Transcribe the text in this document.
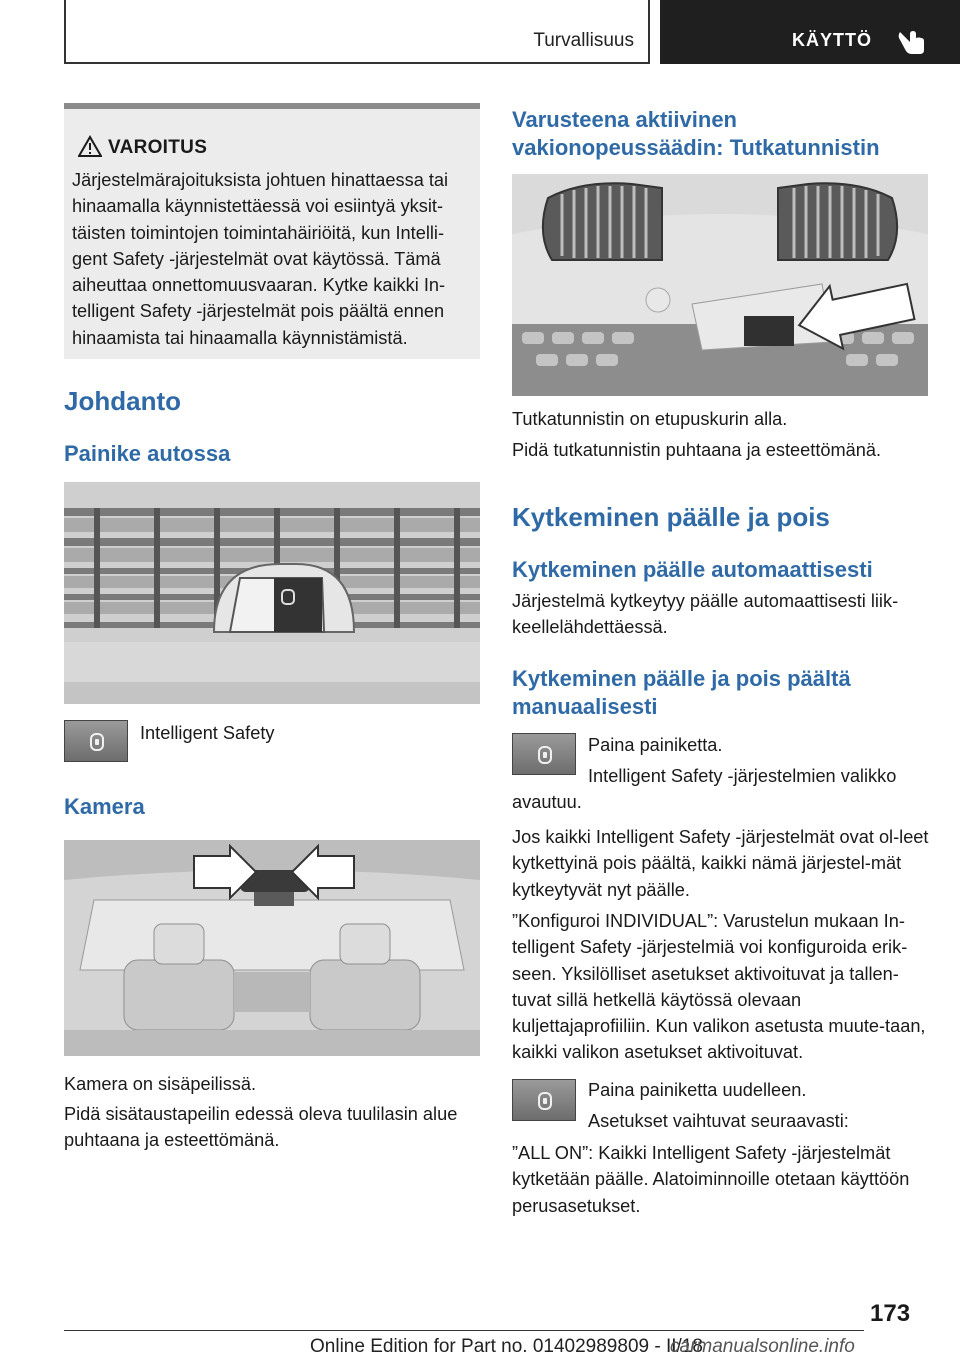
Turvallisuus	KÄYTTÖ
VAROITUS

Järjestelmärajoituksista johtuen hinattaessa tai hinaamalla käynnistettäessä voi esiintyä yksit-täisten toimintojen toimintahäiriöitä, kun Intelli-gent Safety -järjestelmät ovat käytössä. Tämä aiheuttaa onnettomuusvaaran. Kytke kaikki In-telligent Safety -järjestelmät pois päältä ennen hinaamista tai hinaamalla käynnistämistä.

Johdanto
Painike autossa

Intelligent Safety

Kamera

Kamera on sisäpeilissä.

Pidä sisätaustapeilin edessä oleva tuulilasin alue puhtaana ja esteettömänä.

Varusteena aktiivinen vakionopeussäädin: Tutkatunnistin

Tutkatunnistin on etupuskurin alla.

Pidä tutkatunnistin puhtaana ja esteettömänä.

Kytkeminen päälle ja pois
Kytkeminen päälle automaattisesti

Järjestelmä kytkeytyy päälle automaattisesti liik-keellelähdettäessä.

Kytkeminen päälle ja pois päältä manuaalisesti

Paina painiketta.

Intelligent Safety -järjestelmien valikko avautuu.

Jos kaikki Intelligent Safety -järjestelmät ovat ol-leet kytkettyinä pois päältä, kaikki nämä järjestel-mät kytkeytyvät nyt päälle.

”Konfiguroi INDIVIDUAL”: Varustelun mukaan In-telligent Safety -järjestelmiä voi konfiguroida erik-seen. Yksilölliset asetukset aktivoituvat ja tallen-tuvat sillä hetkellä käytössä olevaan kuljettajaprofiiliin. Kun valikon asetusta muute-taan, kaikki valikon asetukset aktivoituvat.

Paina painiketta uudelleen.

Asetukset vaihtuvat seuraavasti:

”ALL ON”: Kaikki Intelligent Safety -järjestelmät kytketään päälle. Alatoiminnoille otetaan käyttöön perusasetukset.

173
Online Edition for Part no. 01402989809 - II/18
carmanualsonline.info
